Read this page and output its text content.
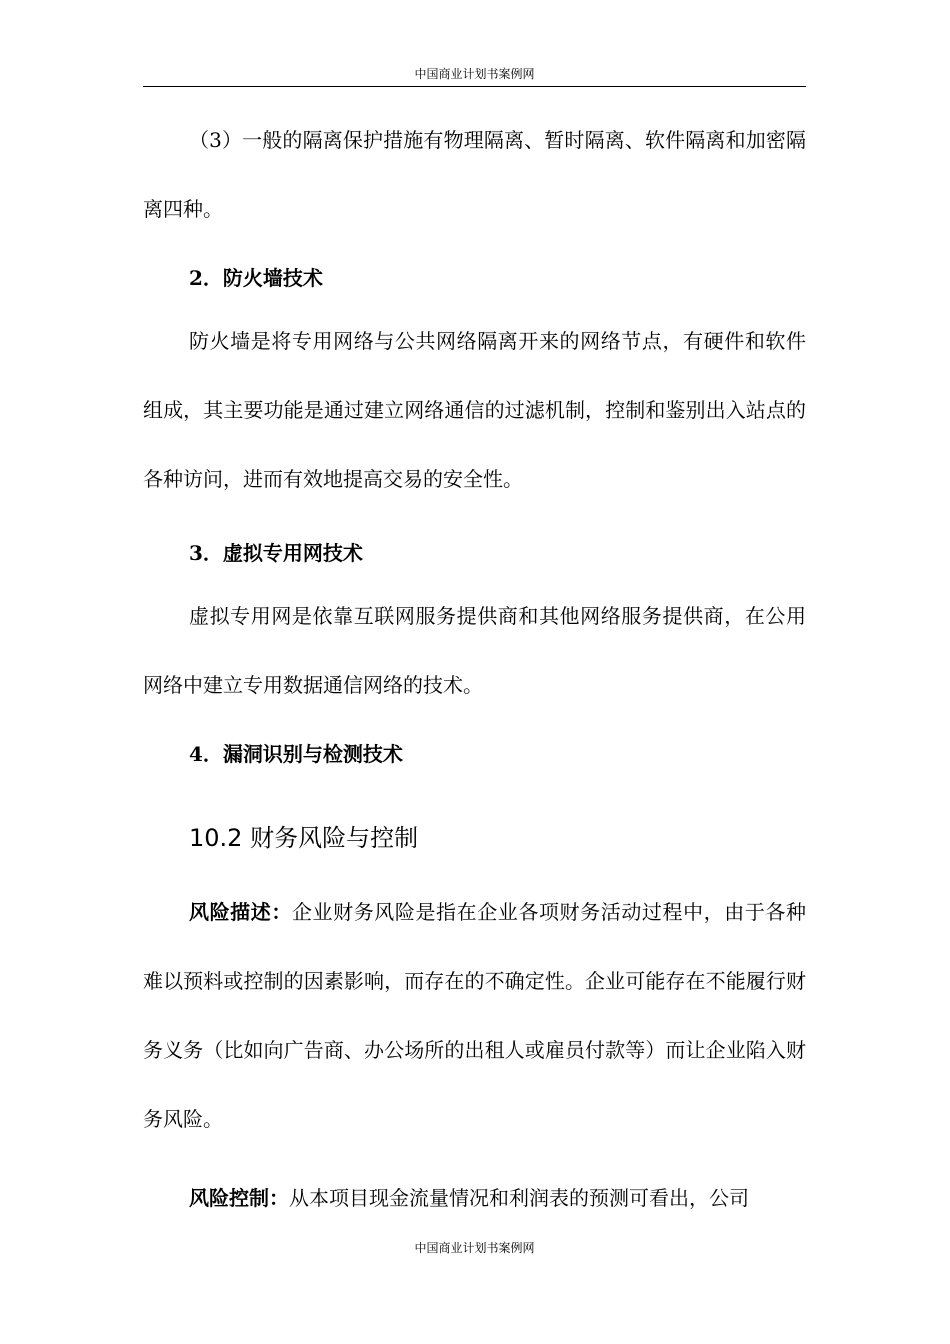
中国商业计划书案例网

（3）一般的隔离保护措施有物理隔离、暂时隔离、软件隔离和加密隔离四种。

2．防火墙技术

防火墙是将专用网络与公共网络隔离开来的网络节点，有硬件和软件组成，其主要功能是通过建立网络通信的过滤机制，控制和鉴别出入站点的各种访问，进而有效地提高交易的安全性。

3．虚拟专用网技术

虚拟专用网是依靠互联网服务提供商和其他网络服务提供商，在公用网络中建立专用数据通信网络的技术。

4．漏洞识别与检测技术

10.2 财务风险与控制

风险描述：企业财务风险是指在企业各项财务活动过程中，由于各种难以预料或控制的因素影响，而存在的不确定性。企业可能存在不能履行财务义务（比如向广告商、办公场所的出租人或雇员付款等）而让企业陷入财务风险。

风险控制：从本项目现金流量情况和利润表的预测可看出，公司

中国商业计划书案例网
